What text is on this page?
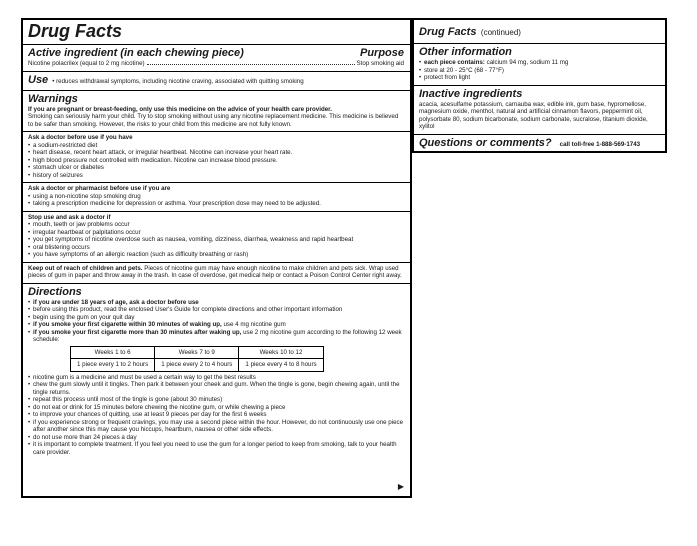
Drug Facts
Active ingredient (in each chewing piece)	Purpose
Nicotine polacrilex (equal to 2 mg nicotine)	Stop smoking aid
Use • reduces withdrawal symptoms, including nicotine craving, associated with quitting smoking
Warnings
If you are pregnant or breast-feeding, only use this medicine on the advice of your health care provider.
Smoking can seriously harm your child. Try to stop smoking without using any nicotine replacement medicine. This medicine is believed to be safer than smoking. However, the risks to your child from this medicine are not fully known.
Ask a doctor before use if you have
• a sodium-restricted diet
• heart disease, recent heart attack, or irregular heartbeat. Nicotine can increase your heart rate.
• high blood pressure not controlled with medication. Nicotine can increase blood pressure.
• stomach ulcer or diabetes
• history of seizures
Ask a doctor or pharmacist before use if you are
• using a non-nicotine stop smoking drug
• taking a prescription medicine for depression or asthma. Your prescription dose may need to be adjusted.
Stop use and ask a doctor if
• mouth, teeth or jaw problems occur
• irregular heartbeat or palpitations occur
• you get symptoms of nicotine overdose such as nausea, vomiting, dizziness, diarrhea, weakness and rapid heartbeat
• oral blistering occurs
• you have symptoms of an allergic reaction (such as difficulty breathing or rash)
Keep out of reach of children and pets. Pieces of nicotine gum may have enough nicotine to make children and pets sick. Wrap used pieces of gum in paper and throw away in the trash. In case of overdose, get medical help or contact a Poison Control Center right away.
Directions
• if you are under 18 years of age, ask a doctor before use
• before using this product, read the enclosed User's Guide for complete directions and other important information
• begin using the gum on your quit day
• if you smoke your first cigarette within 30 minutes of waking up, use 4 mg nicotine gum
• if you smoke your first cigarette more than 30 minutes after waking up, use 2 mg nicotine gum according to the following 12 week schedule:
Weeks 1 to 6	Weeks 7 to 9	Weeks 10 to 12
1 piece every 1 to 2 hours	1 piece every 2 to 4 hours	1 piece every 4 to 8 hours
• nicotine gum is a medicine and must be used a certain way to get the best results
• chew the gum slowly until it tingles. Then park it between your cheek and gum. When the tingle is gone, begin chewing again, until the tingle returns.
• repeat this process until most of the tingle is gone (about 30 minutes)
• do not eat or drink for 15 minutes before chewing the nicotine gum, or while chewing a piece
• to improve your chances of quitting, use at least 9 pieces per day for the first 6 weeks
• if you experience strong or frequent cravings, you may use a second piece within the hour. However, do not continuously use one piece after another since this may cause you hiccups, heartburn, nausea or other side effects.
• do not use more than 24 pieces a day
• it is important to complete treatment. If you feel you need to use the gum for a longer period to keep from smoking, talk to your health care provider.
▶
Drug Facts (continued)
Other information
• each piece contains: calcium 94 mg, sodium 11 mg
• store at 20 - 25°C (68 - 77°F)
• protect from light
Inactive ingredients
acacia, acesulfame potassium, carnauba wax, edible ink, gum base, hypromellose, magnesium oxide, menthol, natural and artificial cinnamon flavors, peppermint oil, polysorbate 80, sodium bicarbonate, sodium carbonate, sucralose, titanium dioxide, xylitol
Questions or comments? call toll-free 1-888-569-1743
